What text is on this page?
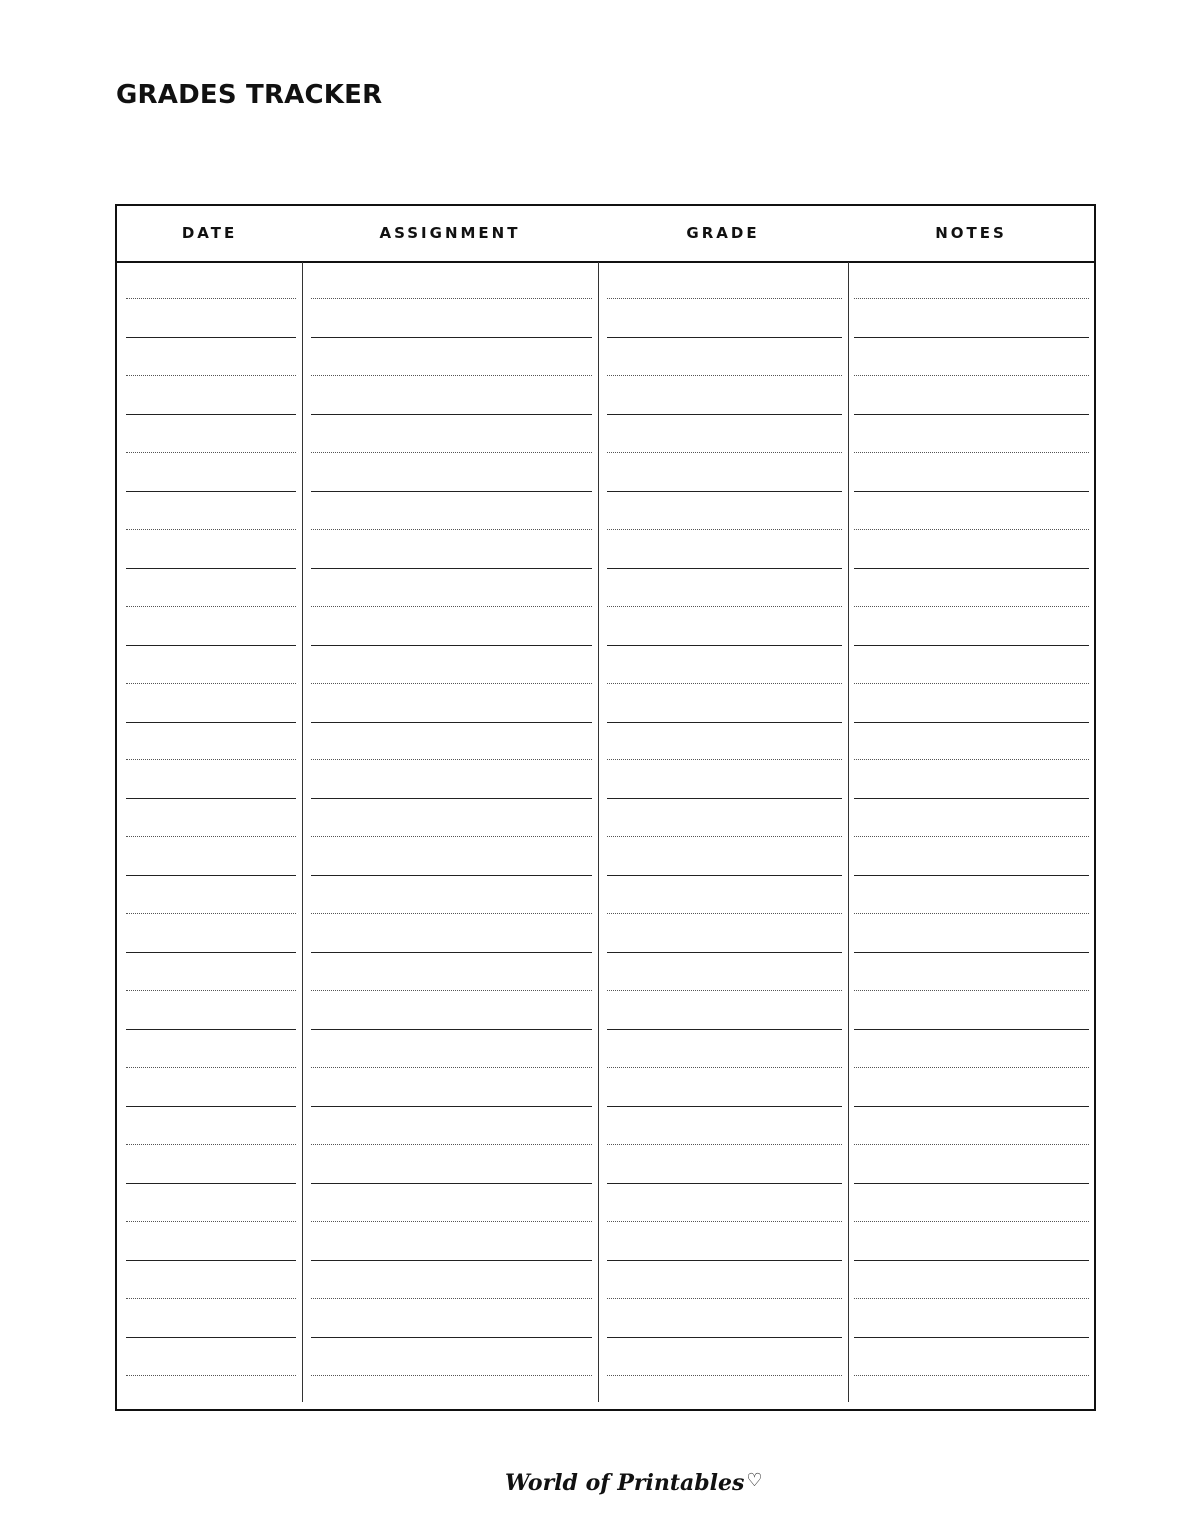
GRADES TRACKER
DATE	ASSIGNMENT	GRADE	NOTES
World of Printables ♡
